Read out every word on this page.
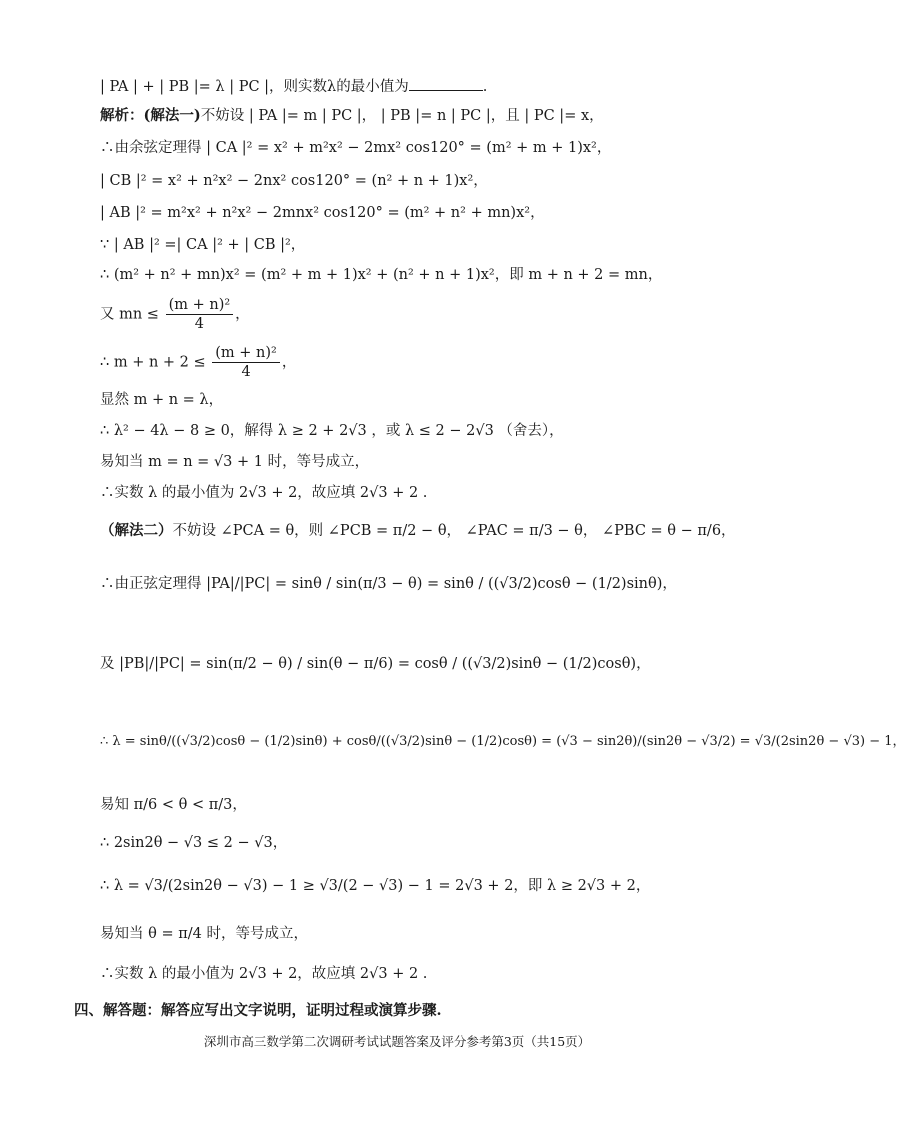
| PA | + | PB |= λ | PC |，则实数λ的最小值为	.
解析：(解法一)不妨设 | PA |= m | PC |， | PB |= n | PC |，且 | PC |= x，
∴由余弦定理得 | CA |² = x² + m²x² − 2mx² cos120° = (m² + m + 1)x²，
| CB |² = x² + n²x² − 2nx² cos120° = (n² + n + 1)x²，
| AB |² = m²x² + n²x² − 2mnx² cos120° = (m² + n² + mn)x²，
∵ | AB |² =| CA |² + | CB |²，
∴ (m² + n² + mn)x² = (m² + m + 1)x² + (n² + n + 1)x²，即 m + n + 2 = mn，
又 mn ≤ $\frac{\text{(m + n)²}}{4}$ ，
∴ $m + n + 2 \le \frac{\text{(m + n)²}}{4}$ ，
显然 m + n = λ，
∴ λ² − 4λ − 8 ≥ 0，解得 λ ≥ 2 + 2√3 ，或 λ ≤ 2 − 2√3 （舍去），
易知当 m = n = √3 + 1 时，等号成立，
∴实数 λ 的最小值为 2√3 + 2，故应填 2√3 + 2 .
（解法二）不妨设 ∠PCA = θ，则 ∠PCB = π/2 − θ， ∠PAC = π/3 − θ， ∠PBC = θ − π/6，
∴由正弦定理得 |PA|/|PC| = sinθ / sin(π/3 − θ) = sinθ / ((√3/2)cosθ − (1/2)sinθ)，
及 |PB|/|PC| = sin(π/2 − θ) / sin(θ − π/6) = cosθ / ((√3/2)sinθ − (1/2)cosθ)，
∴ λ = sinθ/((√3/2)cosθ − (1/2)sinθ) + cosθ/((√3/2)sinθ − (1/2)cosθ) = (√3 − sin2θ)/(sin2θ − √3/2) = √3/(2sin2θ − √3) − 1，
易知 π/6 < θ < π/3，
∴ 2sin2θ − √3 ≤ 2 − √3，
∴ λ = √3/(2sin2θ − √3) − 1 ≥ √3/(2 − √3) − 1 = 2√3 + 2，即 λ ≥ 2√3 + 2，
易知当 θ = π/4 时，等号成立，
∴实数 λ 的最小值为 2√3 + 2，故应填 2√3 + 2 .
四、解答题：解答应写出文字说明，证明过程或演算步骤.
深圳市高三数学第二次调研考试试题答案及评分参考第3页（共15页）
